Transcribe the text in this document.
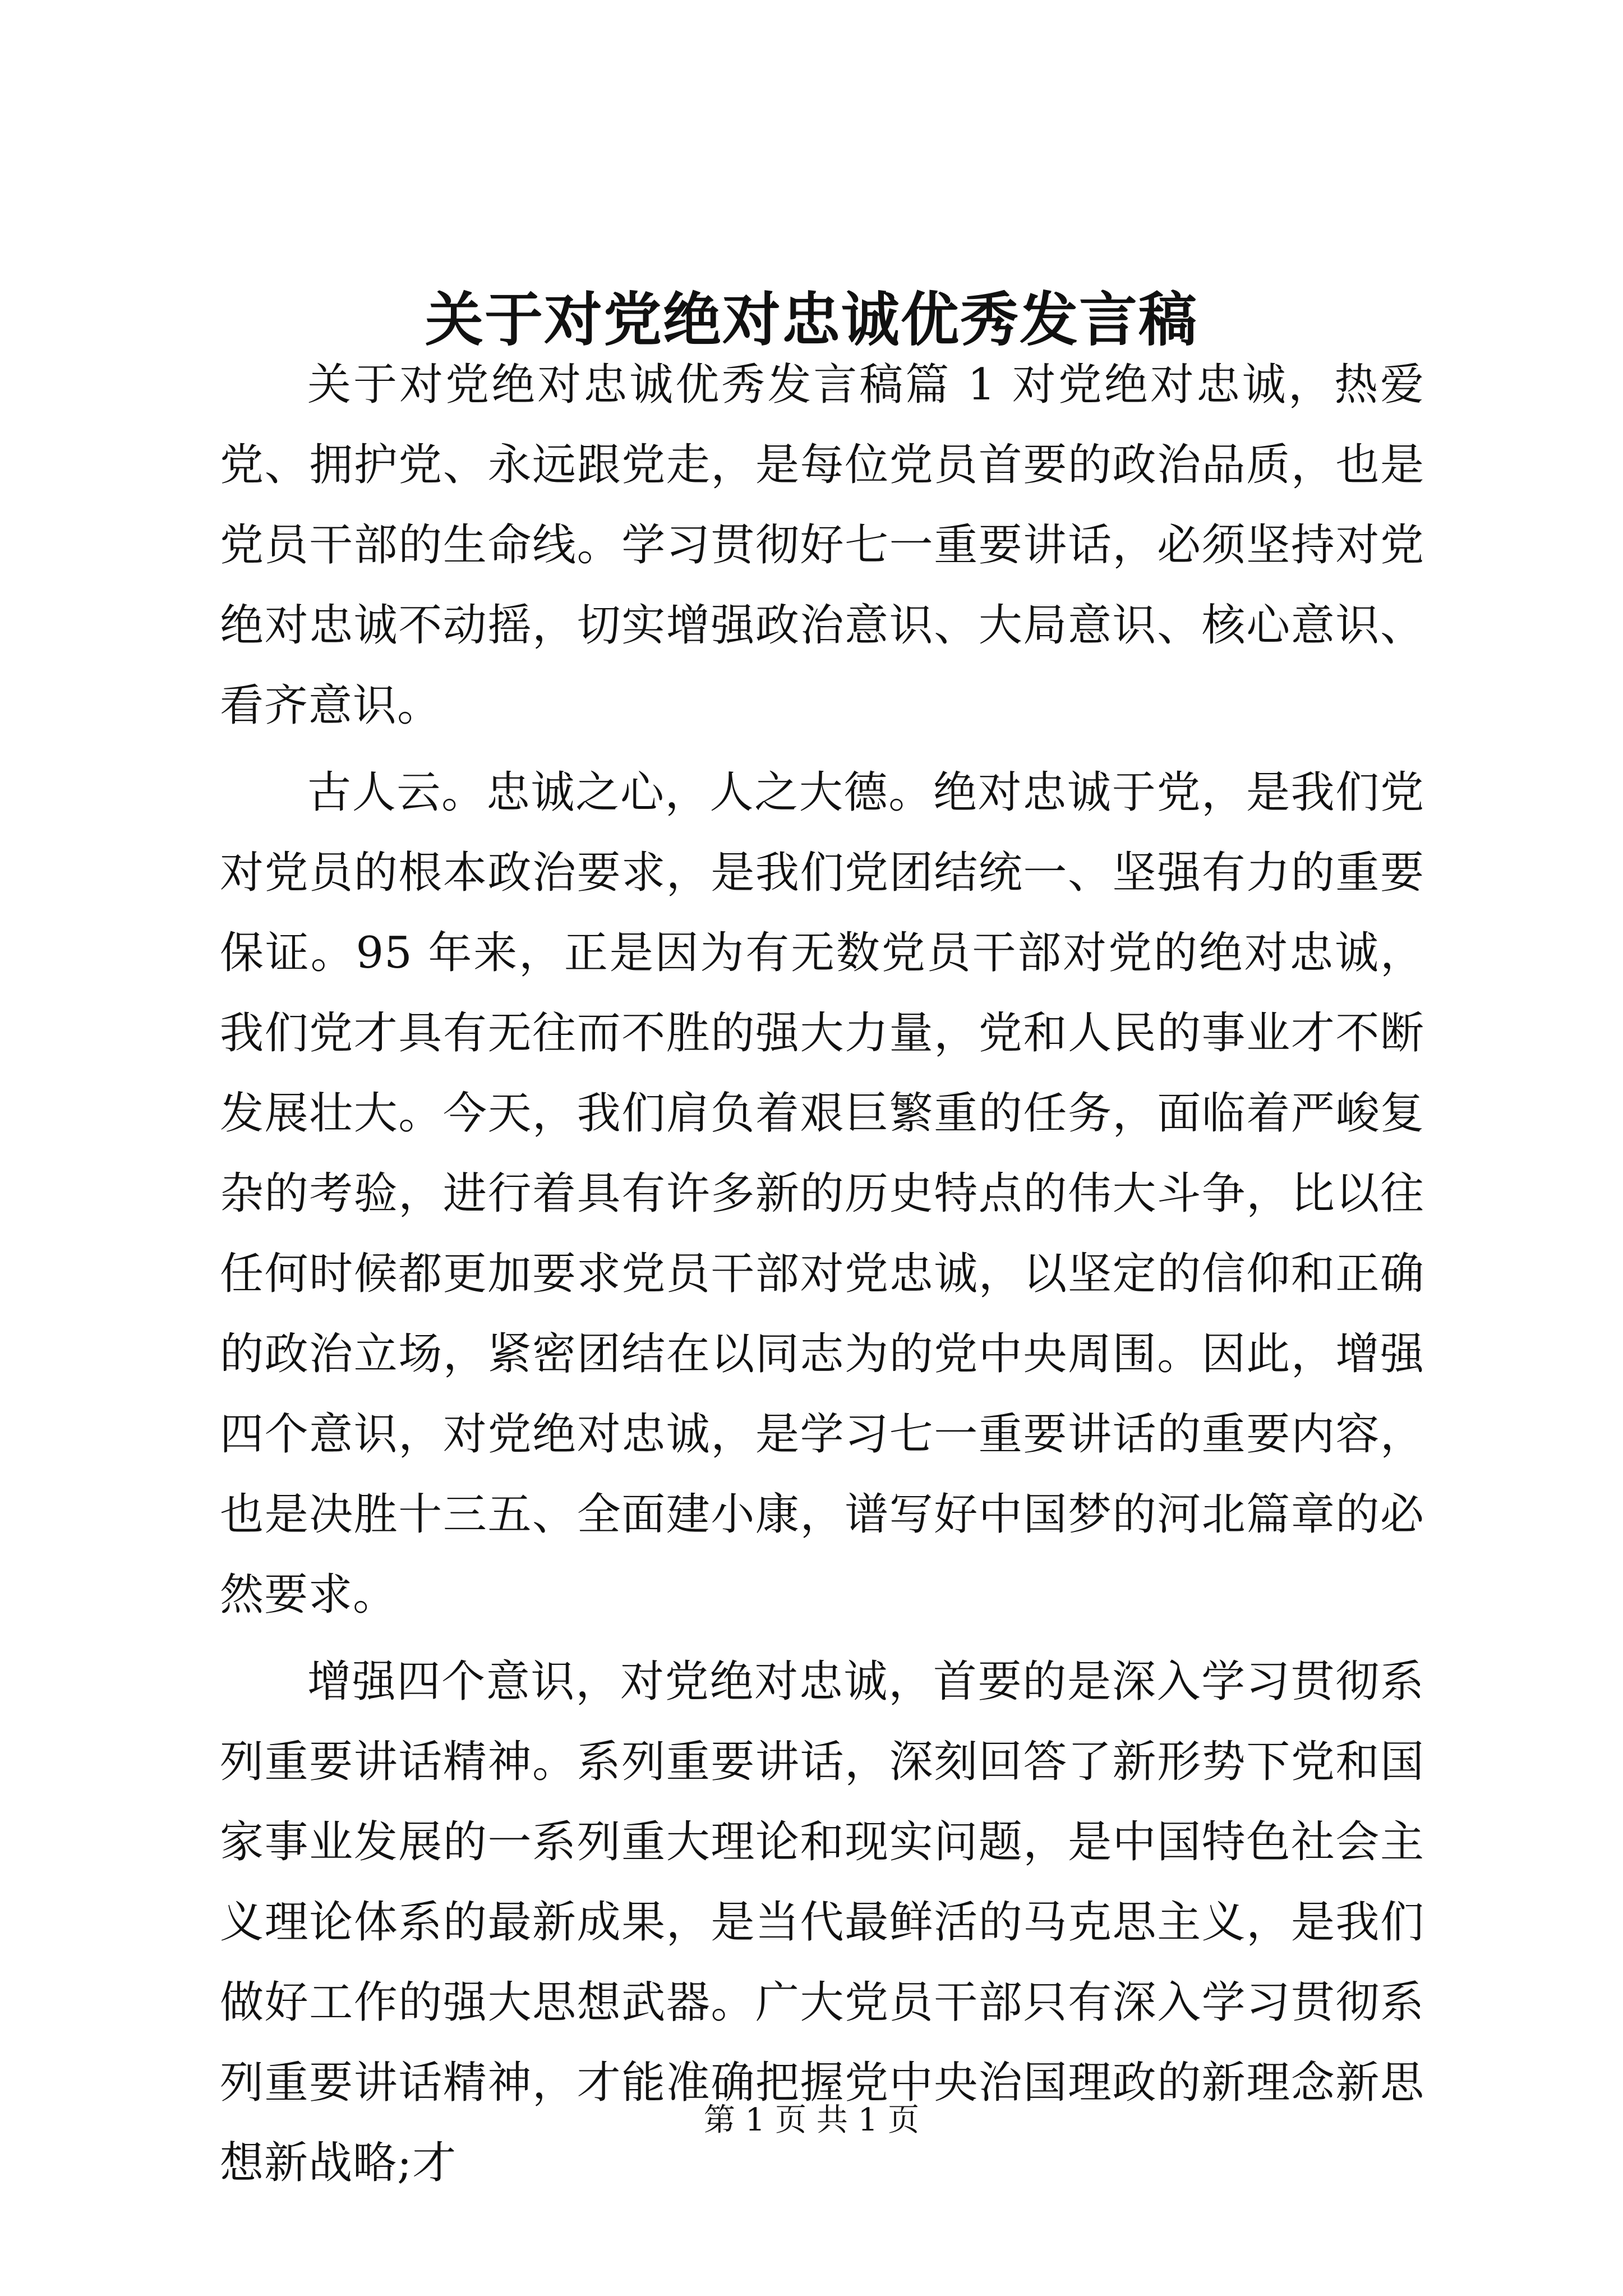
关于对党绝对忠诚优秀发言稿

关于对党绝对忠诚优秀发言稿篇 1 对党绝对忠诚，热爱党、拥护党、永远跟党走，是每位党员首要的政治品质，也是党员干部的生命线。学习贯彻好七一重要讲话，必须坚持对党绝对忠诚不动摇，切实增强政治意识、大局意识、核心意识、看齐意识。

古人云。忠诚之心，人之大德。绝对忠诚于党，是我们党对党员的根本政治要求，是我们党团结统一、坚强有力的重要保证。95 年来，正是因为有无数党员干部对党的绝对忠诚，我们党才具有无往而不胜的强大力量，党和人民的事业才不断发展壮大。今天，我们肩负着艰巨繁重的任务，面临着严峻复杂的考验，进行着具有许多新的历史特点的伟大斗争，比以往任何时候都更加要求党员干部对党忠诚，以坚定的信仰和正确的政治立场，紧密团结在以同志为的党中央周围。因此，增强四个意识，对党绝对忠诚，是学习七一重要讲话的重要内容，也是决胜十三五、全面建小康，谱写好中国梦的河北篇章的必然要求。

增强四个意识，对党绝对忠诚，首要的是深入学习贯彻系列重要讲话精神。系列重要讲话，深刻回答了新形势下党和国家事业发展的一系列重大理论和现实问题，是中国特色社会主义理论体系的最新成果，是当代最鲜活的马克思主义，是我们做好工作的强大思想武器。广大党员干部只有深入学习贯彻系列重要讲话精神，才能准确把握党中央治国理政的新理念新思想新战略;才

第 1 页 共 1 页
